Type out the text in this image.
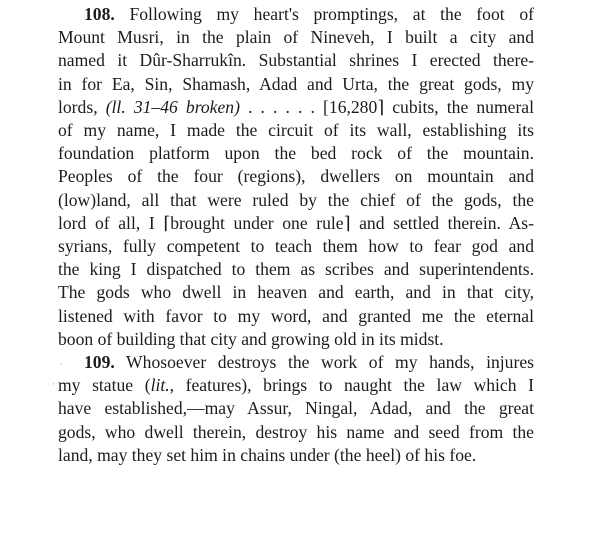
108. Following my heart's promptings, at the foot of
Mount Musri, in the plain of Nineveh, I built a city and
named it Dûr-Sharrukîn. Substantial shrines I erected there-
in for Ea, Sin, Shamash, Adad and Urta, the great gods, my
lords, (ll. 31–46 broken) . . . . . . [16,280⌉ cubits, the numeral
of my name, I made the circuit of its wall, establishing its
foundation platform upon the bed rock of the mountain.
Peoples of the four (regions), dwellers on mountain and
(low)land, all that were ruled by the chief of the gods, the
lord of all, I ⌈brought under one rule⌉ and settled therein. As-
syrians, fully competent to teach them how to fear god and
the king I dispatched to them as scribes and superintendents.
The gods who dwell in heaven and earth, and in that city,
listened with favor to my word, and granted me the eternal
boon of building that city and growing old in its midst.
109. Whosoever destroys the work of my hands, injures
my statue (lit., features), brings to naught the law which I
have established,—may Assur, Ningal, Adad, and the great
gods, who dwell therein, destroy his name and seed from the
land, may they set him in chains under (the heel) of his foe.
·
·
